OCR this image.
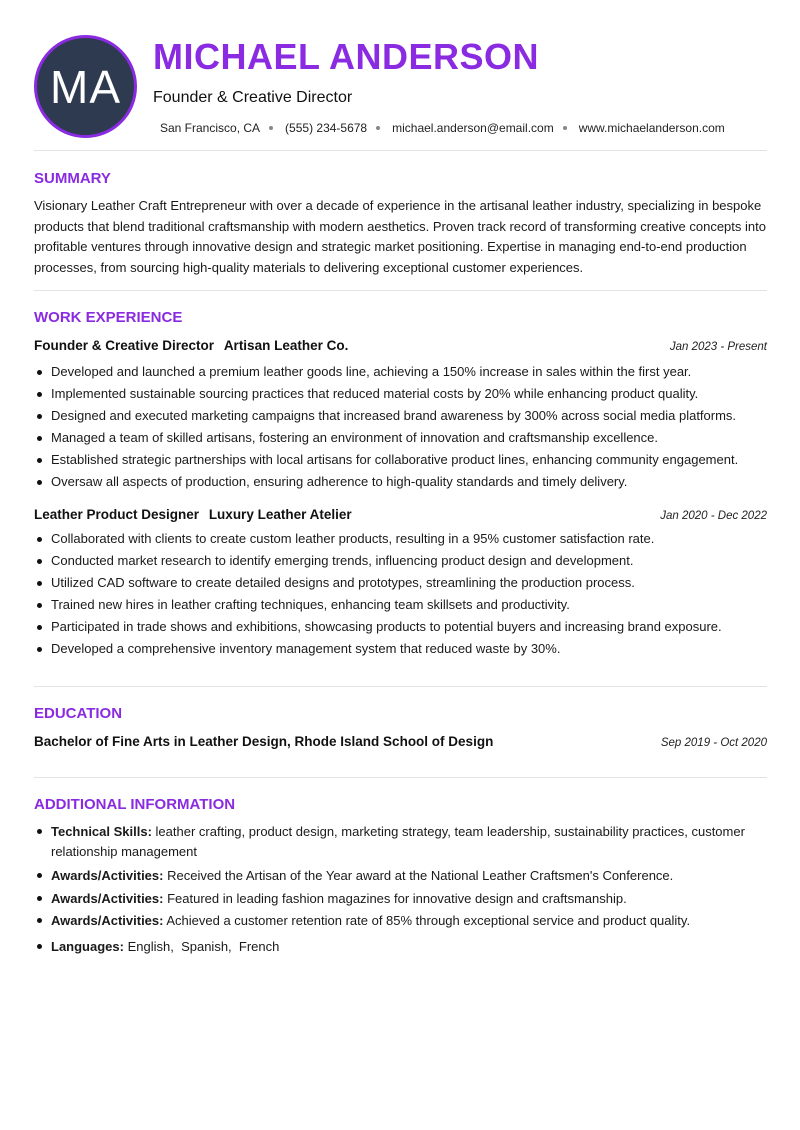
MA
MICHAEL ANDERSON
Founder & Creative Director
San Francisco, CA (555) 234-5678 michael.anderson@email.com www.michaelanderson.com
SUMMARY
Visionary Leather Craft Entrepreneur with over a decade of experience in the artisanal leather industry, specializing in bespoke products that blend traditional craftsmanship with modern aesthetics. Proven track record of transforming creative concepts into profitable ventures through innovative design and strategic market positioning. Expertise in managing end-to-end production processes, from sourcing high-quality materials to delivering exceptional customer experiences.
WORK EXPERIENCE
Founder & Creative Director Artisan Leather Co.	Jan 2023 - Present
Developed and launched a premium leather goods line, achieving a 150% increase in sales within the first year.
Implemented sustainable sourcing practices that reduced material costs by 20% while enhancing product quality.
Designed and executed marketing campaigns that increased brand awareness by 300% across social media platforms.
Managed a team of skilled artisans, fostering an environment of innovation and craftsmanship excellence.
Established strategic partnerships with local artisans for collaborative product lines, enhancing community engagement.
Oversaw all aspects of production, ensuring adherence to high-quality standards and timely delivery.
Leather Product Designer Luxury Leather Atelier	Jan 2020 - Dec 2022
Collaborated with clients to create custom leather products, resulting in a 95% customer satisfaction rate.
Conducted market research to identify emerging trends, influencing product design and development.
Utilized CAD software to create detailed designs and prototypes, streamlining the production process.
Trained new hires in leather crafting techniques, enhancing team skillsets and productivity.
Participated in trade shows and exhibitions, showcasing products to potential buyers and increasing brand exposure.
Developed a comprehensive inventory management system that reduced waste by 30%.
EDUCATION
Bachelor of Fine Arts in Leather Design, Rhode Island School of Design	Sep 2019 - Oct 2020
ADDITIONAL INFORMATION
Technical Skills: leather crafting, product design, marketing strategy, team leadership, sustainability practices, customer relationship management
Awards/Activities: Received the Artisan of the Year award at the National Leather Craftsmen's Conference.
Awards/Activities: Featured in leading fashion magazines for innovative design and craftsmanship.
Awards/Activities: Achieved a customer retention rate of 85% through exceptional service and product quality.
Languages: English,  Spanish,  French
